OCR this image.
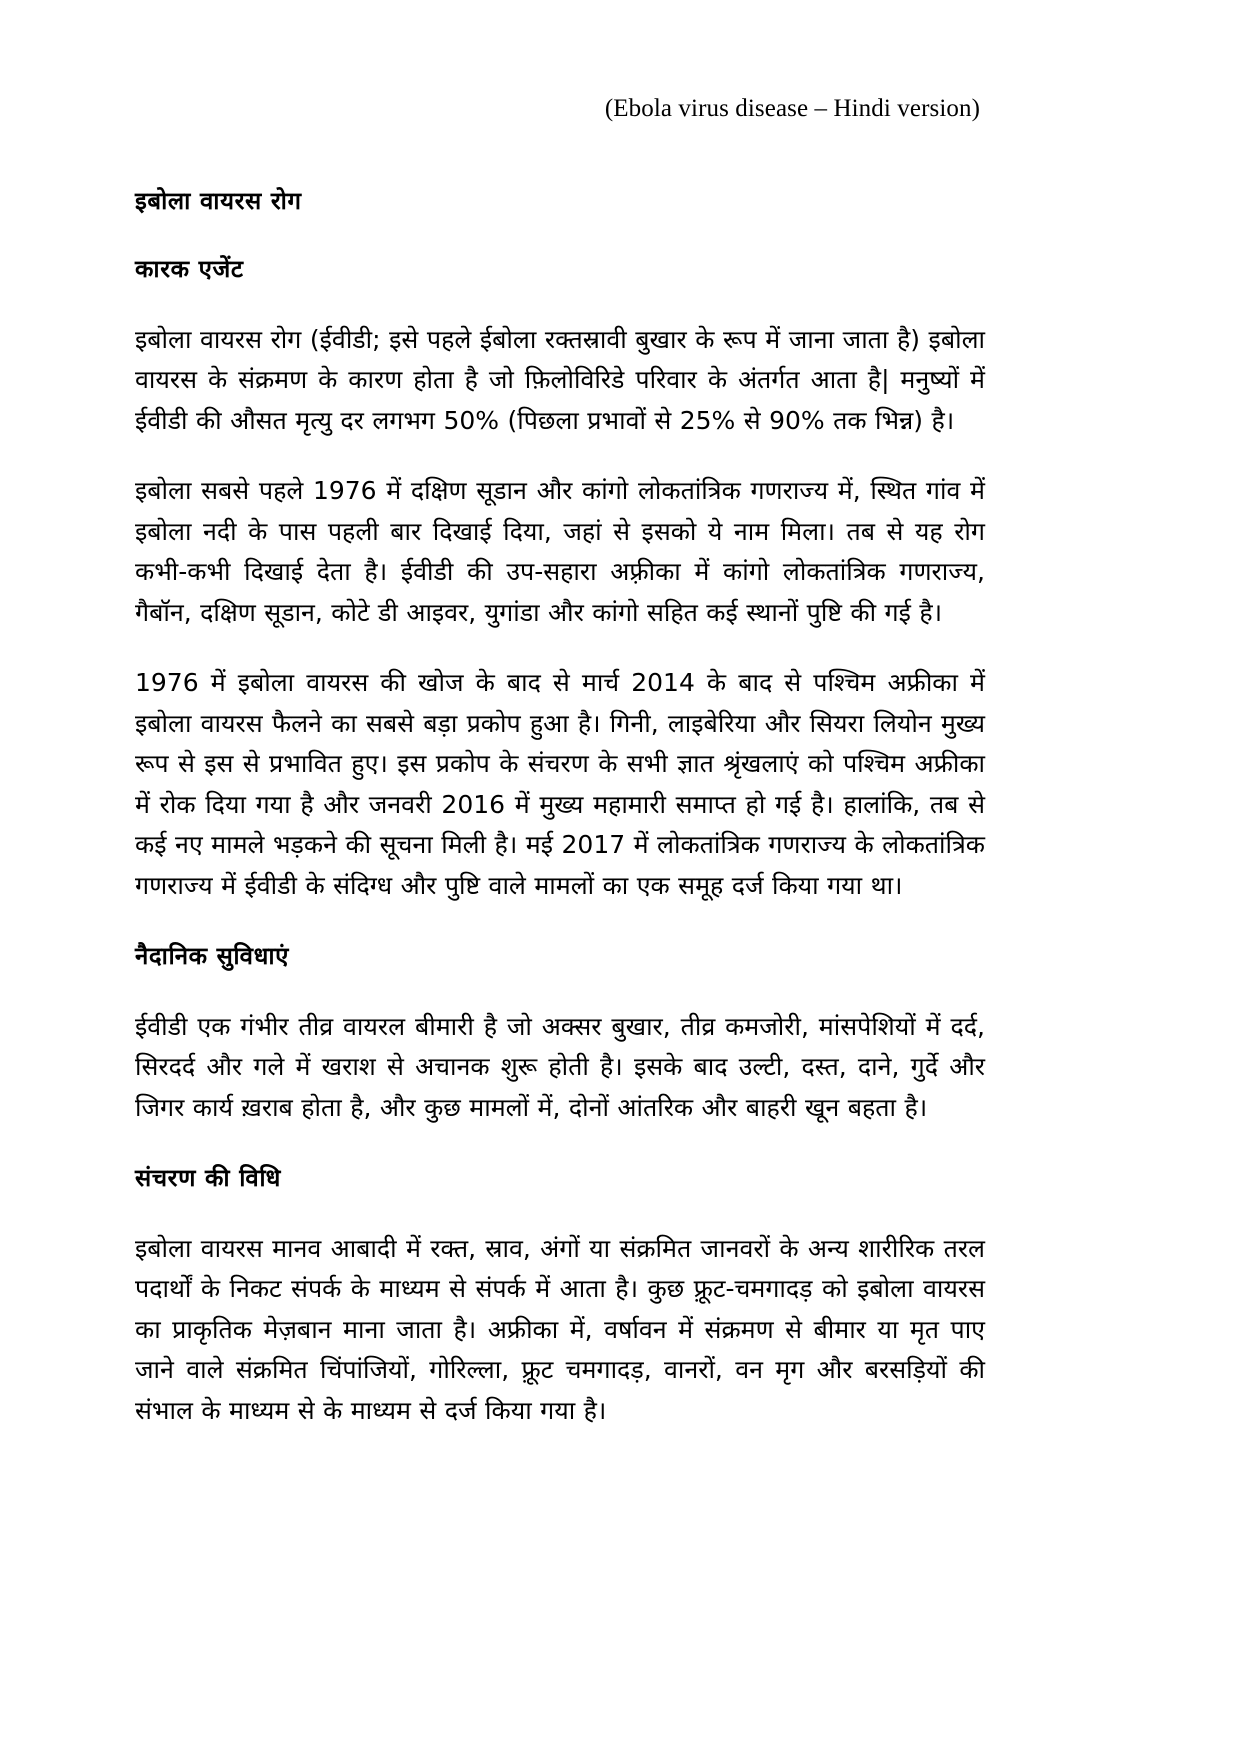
(Ebola virus disease – Hindi version)
इबोला वायरस रोग
कारक एजेंट

इबोला वायरस रोग (ईवीडी; इसे पहले ईबोला रक्तस्रावी बुखार के रूप में जाना जाता है) इबोला वायरस के संक्रमण के कारण होता है जो फ़िलोविरिडे परिवार के अंतर्गत आता है| मनुष्यों में ईवीडी की औसत मृत्यु दर लगभग 50% (पिछला प्रभावों से 25% से 90% तक भिन्न) है।

इबोला सबसे पहले 1976 में दक्षिण सूडान और कांगो लोकतांत्रिक गणराज्य में, स्थित गांव में इबोला नदी के पास पहली बार दिखाई दिया, जहां से इसको ये नाम मिला। तब से यह रोग कभी-कभी दिखाई देता है। ईवीडी की उप-सहारा अफ़्रीका में कांगो लोकतांत्रिक गणराज्य, गैबॉन, दक्षिण सूडान, कोटे डी आइवर, युगांडा और कांगो सहित कई स्थानों पुष्टि की गई है।

1976 में इबोला वायरस की खोज के बाद से मार्च 2014 के बाद से पश्चिम अफ्रीका में इबोला वायरस फैलने का सबसे बड़ा प्रकोप हुआ है। गिनी, लाइबेरिया और सियरा लियोन मुख्य रूप से इस से प्रभावित हुए। इस प्रकोप के संचरण के सभी ज्ञात श्रृंखलाएं को पश्चिम अफ्रीका में रोक दिया गया है और जनवरी 2016 में मुख्य महामारी समाप्त हो गई है। हालांकि, तब से कई नए मामले भड़कने की सूचना मिली है। मई 2017 में लोकतांत्रिक गणराज्य के लोकतांत्रिक गणराज्य में ईवीडी के संदिग्ध और पुष्टि वाले मामलों का एक समूह दर्ज किया गया था।

नैदानिक सुविधाएं

ईवीडी एक गंभीर तीव्र वायरल बीमारी है जो अक्सर बुखार, तीव्र कमजोरी, मांसपेशियों में दर्द, सिरदर्द और गले में खराश से अचानक शुरू होती है। इसके बाद उल्टी, दस्त, दाने, गुर्दे और जिगर कार्य ख़राब होता है, और कुछ मामलों में, दोनों आंतरिक और बाहरी खून बहता है।

संचरण की विधि

इबोला वायरस मानव आबादी में रक्त, स्राव, अंगों या संक्रमित जानवरों के अन्य शारीरिक तरल पदार्थों के निकट संपर्क के माध्यम से संपर्क में आता है। कुछ फ़्रूट-चमगादड़ को इबोला वायरस का प्राकृतिक मेज़बान माना जाता है। अफ्रीका में, वर्षावन में संक्रमण से बीमार या मृत पाए जाने वाले संक्रमित चिंपांजियों, गोरिल्ला, फ़्रूट चमगादड़, वानरों, वन मृग और बरसड़ियों की संभाल के माध्यम से के माध्यम से दर्ज किया गया है।
